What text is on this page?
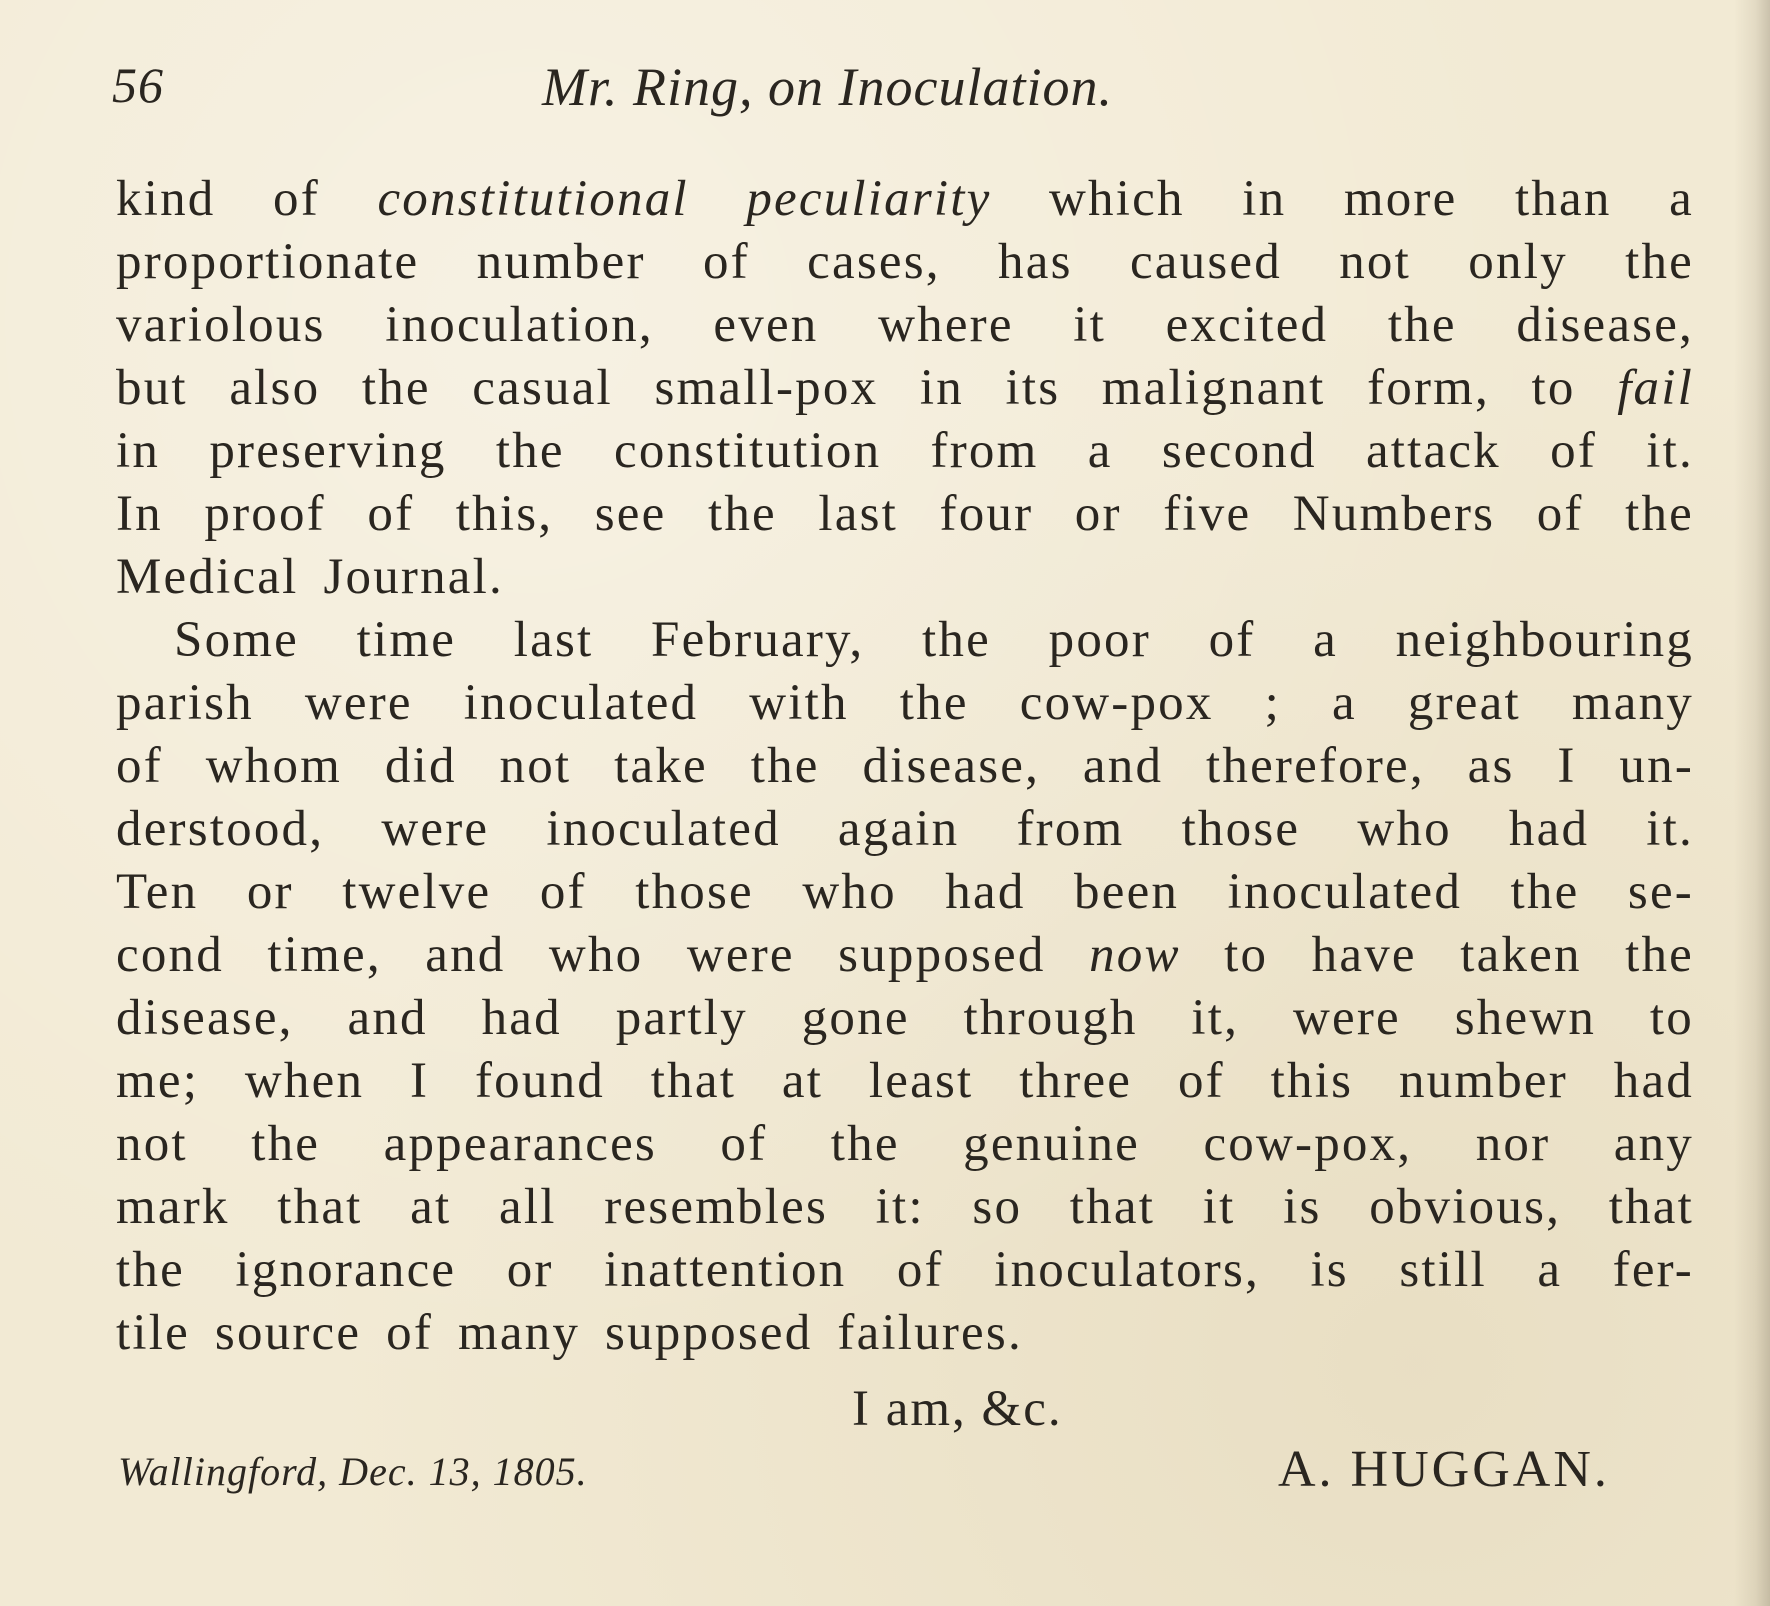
56	Mr. Ring, on Inoculation.
kind of constitutional peculiarity which in more than a
proportionate number of cases, has caused not only the
variolous inoculation, even where it excited the disease,
but also the casual small-pox in its malignant form, to fail
in preserving the constitution from a second attack of it.
In proof of this, see the last four or five Numbers of the
Medical Journal.
Some time last February, the poor of a neighbouring
parish were inoculated with the cow-pox ; a great many
of whom did not take the disease, and therefore, as I un-
derstood, were inoculated again from those who had it.
Ten or twelve of those who had been inoculated the se-
cond time, and who were supposed now to have taken the
disease, and had partly gone through it, were shewn to
me; when I found that at least three of this number had
not the appearances of the genuine cow-pox, nor any
mark that at all resembles it: so that it is obvious, that
the ignorance or inattention of inoculators, is still a fer-
tile source of many supposed failures.
I am, &c.
Wallingford, Dec. 13, 1805.	A. HUGGAN.
